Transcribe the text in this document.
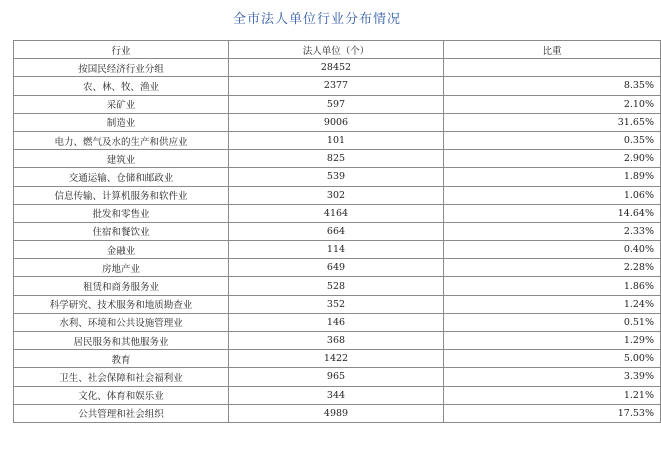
全市法人单位行业分布情况
行业	法人单位（个）	比重
按国民经济行业分组	28452	
农、林、牧、渔业	2377	8.35%
采矿业	597	2.10%
制造业	9006	31.65%
电力、燃气及水的生产和供应业	101	0.35%
建筑业	825	2.90%
交通运输、仓储和邮政业	539	1.89%
信息传输、计算机服务和软件业	302	1.06%
批发和零售业	4164	14.64%
住宿和餐饮业	664	2.33%
金融业	114	0.40%
房地产业	649	2.28%
租赁和商务服务业	528	1.86%
科学研究、技术服务和地质勘查业	352	1.24%
水利、环境和公共设施管理业	146	0.51%
居民服务和其他服务业	368	1.29%
教育	1422	5.00%
卫生、社会保障和社会福利业	965	3.39%
文化、体育和娱乐业	344	1.21%
公共管理和社会组织	4989	17.53%
